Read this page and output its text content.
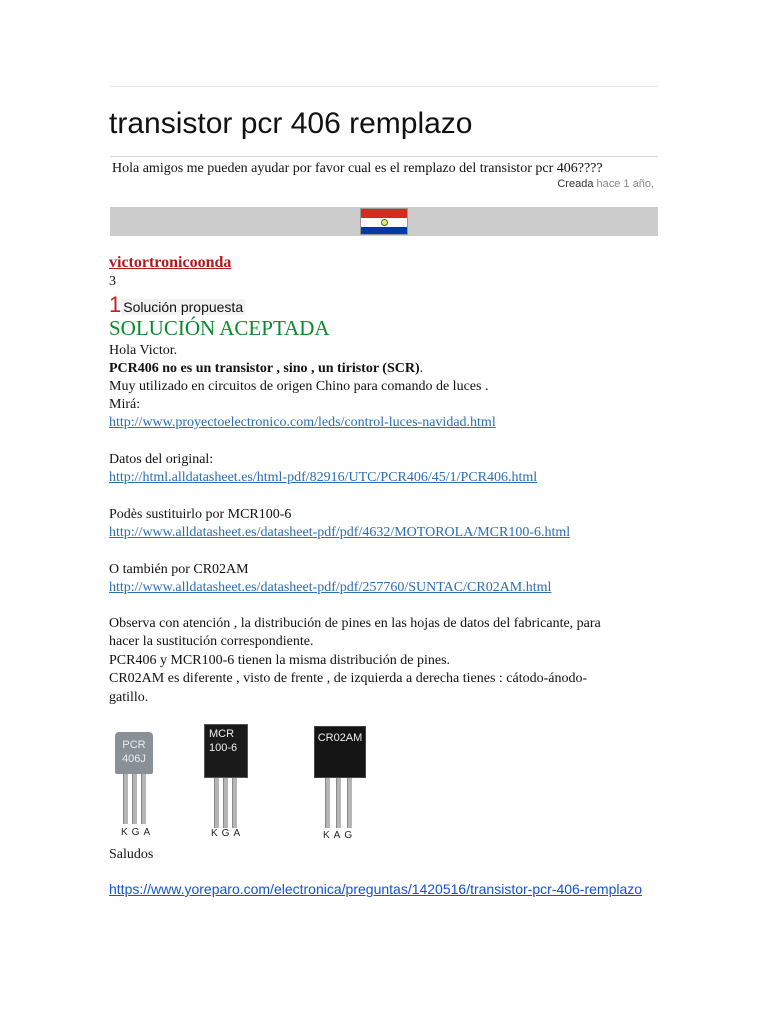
transistor pcr 406 remplazo
Hola amigos me pueden ayudar por favor cual es el remplazo del transistor pcr 406????
Creada hace 1 año,
victortronicoonda
3
1 Solución propuesta
SOLUCIÓN ACEPTADA
Hola Victor.
PCR406 no es un transistor , sino , un tiristor (SCR).
Muy utilizado en circuitos de origen Chino para comando de luces .
Mirá:
http://www.proyectoelectronico.com/leds/control-luces-navidad.html
Datos del original:
http://html.alldatasheet.es/html-pdf/82916/UTC/PCR406/45/1/PCR406.html
Podès sustituirlo por MCR100-6
http://www.alldatasheet.es/datasheet-pdf/pdf/4632/MOTOROLA/MCR100-6.html
O también por CR02AM
http://www.alldatasheet.es/datasheet-pdf/pdf/257760/SUNTAC/CR02AM.html
Observa con atención , la distribución de pines en las hojas de datos del fabricante, para
hacer la sustitución correspondiente.
PCR406 y MCR100-6 tienen la misma distribución de pines.
CR02AM es diferente , visto de frente , de izquierda a derecha tienes : cátodo-ánodo-
gatillo.
PCR 406J
KGA
MCR 100-6
KGA
CR02AM
KAG
Saludos
https://www.yoreparo.com/electronica/preguntas/1420516/transistor-pcr-406-remplazo
